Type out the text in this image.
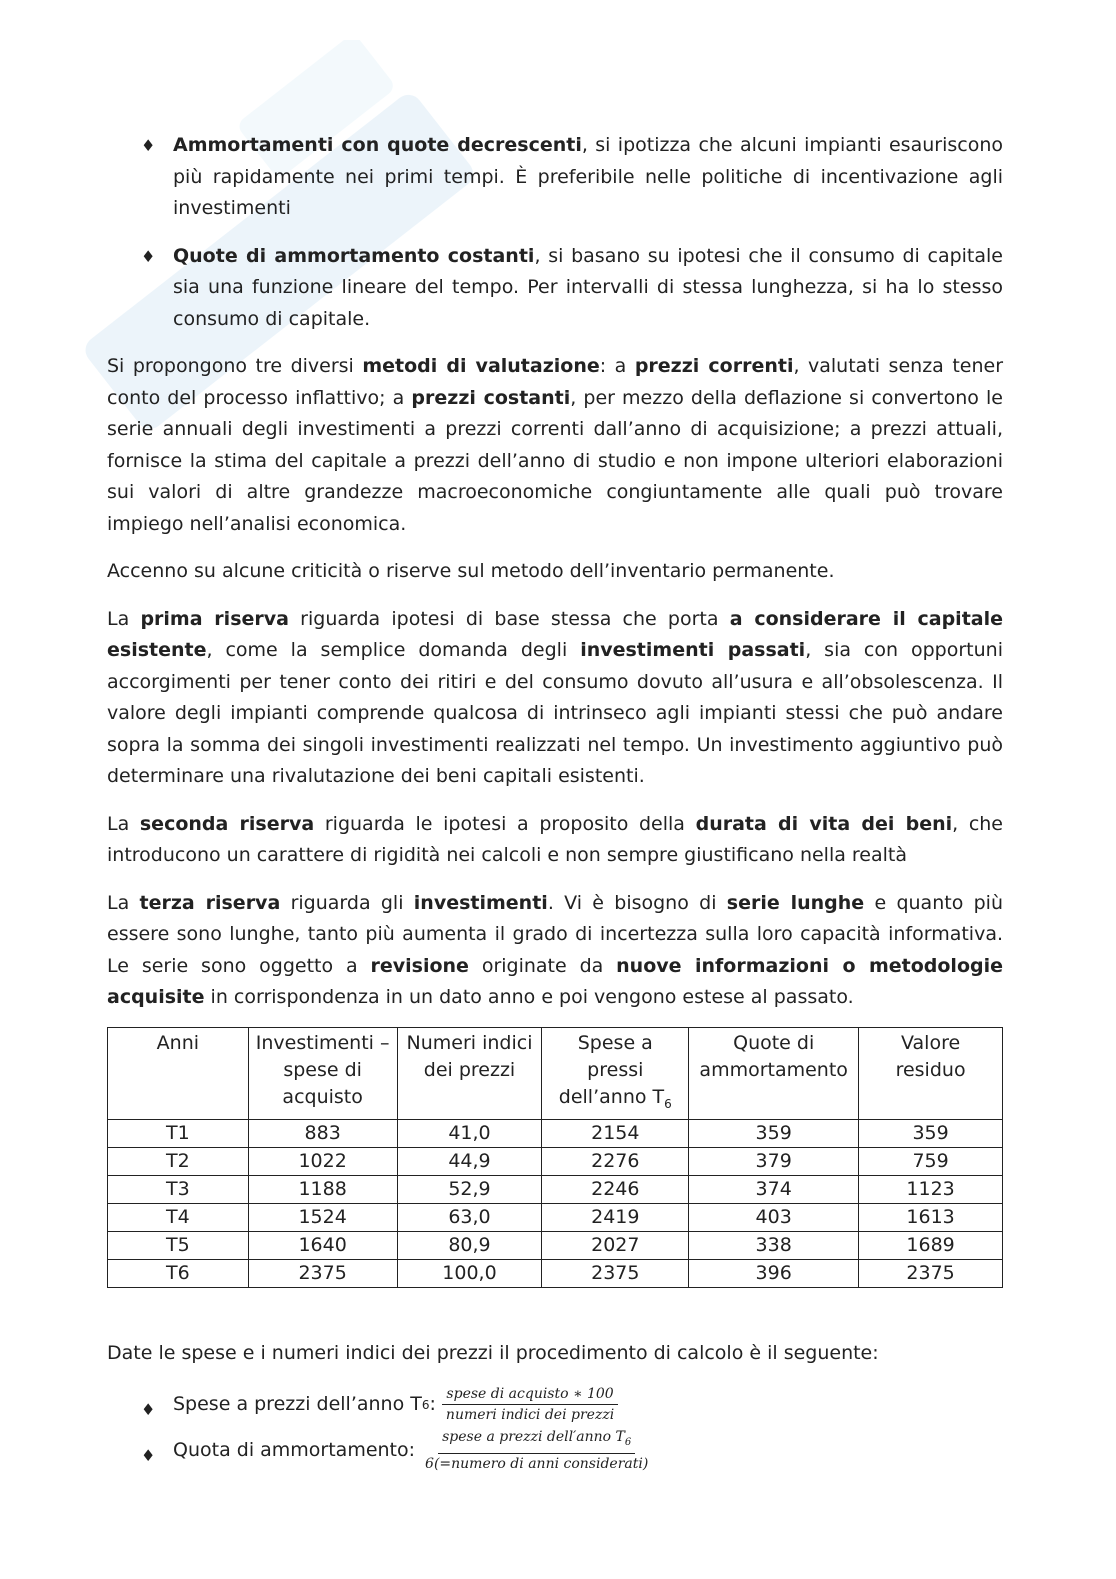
♦ Ammortamenti con quote decrescenti, si ipotizza che alcuni impianti esauriscono più rapidamente nei primi tempi. È preferibile nelle politiche di incentivazione agli investimenti
♦ Quote di ammortamento costanti, si basano su ipotesi che il consumo di capitale sia una funzione lineare del tempo. Per intervalli di stessa lunghezza, si ha lo stesso consumo di capitale.

Si propongono tre diversi metodi di valutazione: a prezzi correnti, valutati senza tener conto del processo inflattivo; a prezzi costanti, per mezzo della deflazione si convertono le serie annuali degli investimenti a prezzi correnti dall’anno di acquisizione; a prezzi attuali, fornisce la stima del capitale a prezzi dell’anno di studio e non impone ulteriori elaborazioni sui valori di altre grandezze macroeconomiche congiuntamente alle quali può trovare impiego nell’analisi economica.

Accenno su alcune criticità o riserve sul metodo dell’inventario permanente.

La prima riserva riguarda ipotesi di base stessa che porta a considerare il capitale esistente, come la semplice domanda degli investimenti passati, sia con opportuni accorgimenti per tener conto dei ritiri e del consumo dovuto all’usura e all’obsolescenza. Il valore degli impianti comprende qualcosa di intrinseco agli impianti stessi che può andare sopra la somma dei singoli investimenti realizzati nel tempo. Un investimento aggiuntivo può determinare una rivalutazione dei beni capitali esistenti.

La seconda riserva riguarda le ipotesi a proposito della durata di vita dei beni, che introducono un carattere di rigidità nei calcoli e non sempre giustificano nella realtà

La terza riserva riguarda gli investimenti. Vi è bisogno di serie lunghe e quanto più essere sono lunghe, tanto più aumenta il grado di incertezza sulla loro capacità informativa. Le serie sono oggetto a revisione originate da nuove informazioni o metodologie acquisite in corrispondenza in un dato anno e poi vengono estese al passato.

Anni	Investimenti – spese di acquisto	Numeri indici dei prezzi	Spese a pressi dell’anno $T_6$	Quote di ammortamento	Valore residuo
T1	883	41,0	2154	359	359
T2	1022	44,9	2276	379	759
T3	1188	52,9	2246	374	1123
T4	1524	63,0	2419	403	1613
T5	1640	80,9	2027	338	1689
T6	2375	100,0	2375	396	2375
Date le spese e i numeri indici dei prezzi il procedimento di calcolo è il seguente:
♦ Spese a prezzi dell’anno T 6 : $\frac{\text{spese di acquisto ∗ 100}}{\text{numeri indici dei prezzi}}$
♦ Quota di ammortamento: $\frac{spese a prezzi dell'anno T_6}{\text{6(=numero di anni considerati)}}$
